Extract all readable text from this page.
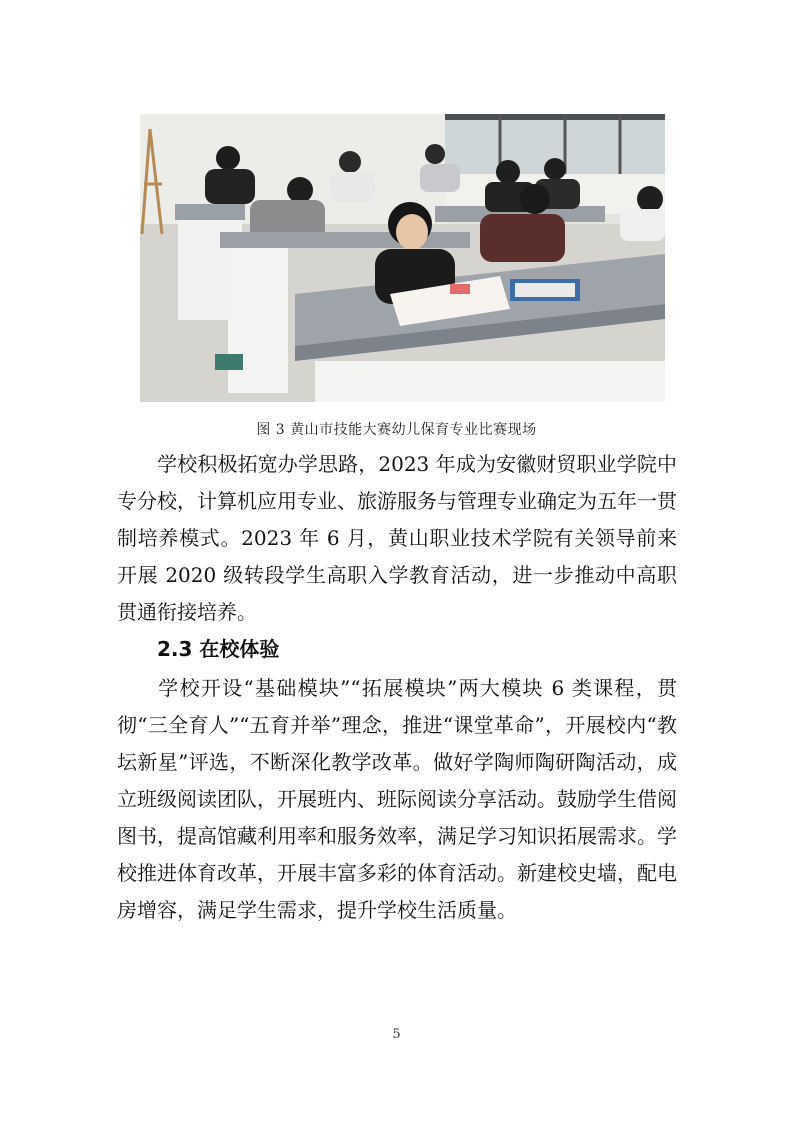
图 3 黄山市技能大赛幼儿保育专业比赛现场

学校积极拓宽办学思路，2023 年成为安徽财贸职业学院中专分校，计算机应用专业、旅游服务与管理专业确定为五年一贯制培养模式。2023 年 6 月，黄山职业技术学院有关领导前来开展 2020 级转段学生高职入学教育活动，进一步推动中高职贯通衔接培养。

2.3 在校体验

学校开设“基础模块”“拓展模块”两大模块 6 类课程，贯彻“三全育人”“五育并举”理念，推进“课堂革命”，开展校内“教坛新星”评选，不断深化教学改革。做好学陶师陶研陶活动，成立班级阅读团队，开展班内、班际阅读分享活动。鼓励学生借阅图书，提高馆藏利用率和服务效率，满足学习知识拓展需求。学校推进体育改革，开展丰富多彩的体育活动。新建校史墙，配电房增容，满足学生需求，提升学校生活质量。

5
